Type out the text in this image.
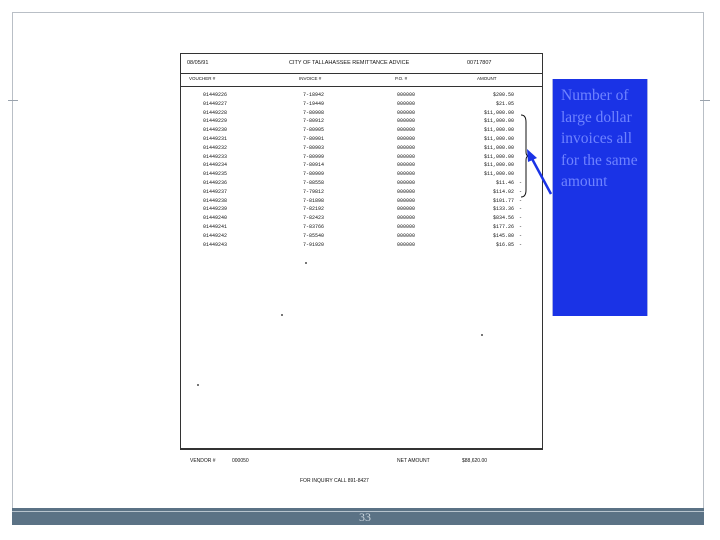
08/05/91	CITY OF TALLAHASSEE REMITTANCE ADVICE	00717807
VOUCHER #	INVOICE #	P.O. #	AMOUNT
01449226	7-18942	000000	$200.50
01449227	7-19449	000000	$21.05
01449228	7-80908	000000	$11,000.00
01449229	7-80912	000000	$11,000.00
01449230	7-80905	000000	$11,000.00
01449231	7-80901	000000	$11,000.00
01449232	7-80903	000000	$11,000.00
01449233	7-80999	000000	$11,000.00
01449234	7-80914	000000	$11,000.00
01449235	7-80909	000000	$11,000.00
01449236	7-88558	000000	$11.46 -
01449237	7-79812	000000	$114.02 -
01449238	7-81898	000000	$101.77 -
01449239	7-82192	000000	$133.36 -
01449240	7-82423	000000	$834.56 -
01449241	7-83766	000000	$177.26 -
01449242	7-85540	000000	$145.80 -
01449243	7-91920	000000	$16.85 -
VENDOR #	000050	NET AMOUNT	$88,620.00
FOR INQUIRY CALL 891-8427
Number of large dollar invoices all for the same amount
33
